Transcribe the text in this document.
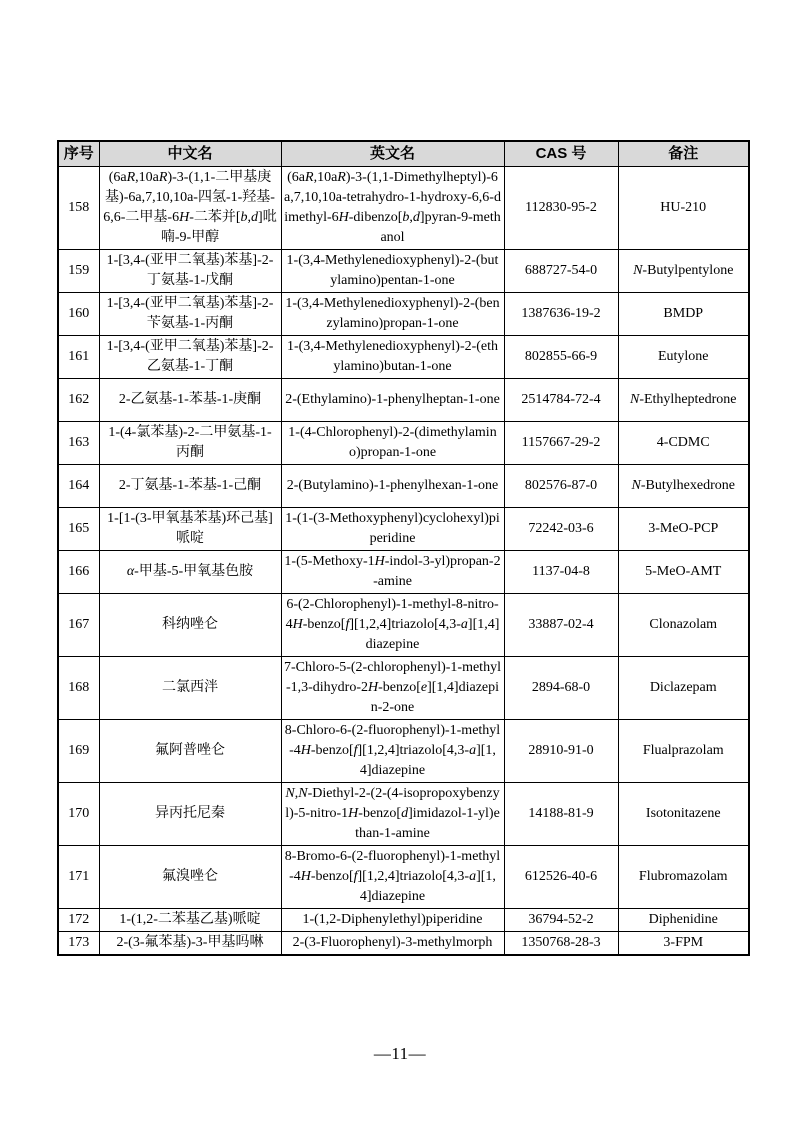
序号	中文名	英文名	CAS 号	备注
158	(6aR,10aR)-3-(1,1-二甲基庚基)-6a,7,10,10a-四氢-1-羟基-6,6-二甲基-6H-二苯并[b,d]吡喃-9-甲醇	(6aR,10aR)-3-(1,1-Dimethylheptyl)-6a,7,10,10a-tetrahydro-1-hydroxy-6,6-dimethyl-6H-dibenzo[b,d]pyran-9-methanol	112830-95-2	HU-210
159	1-[3,4-(亚甲二氧基)苯基]-2-丁氨基-1-戊酮	1-(3,4-Methylenedioxyphenyl)-2-(butylamino)pentan-1-one	688727-54-0	N-Butylpentylone
160	1-[3,4-(亚甲二氧基)苯基]-2-苄氨基-1-丙酮	1-(3,4-Methylenedioxyphenyl)-2-(benzylamino)propan-1-one	1387636-19-2	BMDP
161	1-[3,4-(亚甲二氧基)苯基]-2-乙氨基-1-丁酮	1-(3,4-Methylenedioxyphenyl)-2-(ethylamino)butan-1-one	802855-66-9	Eutylone
162	2-乙氨基-1-苯基-1-庚酮	2-(Ethylamino)-1-phenylheptan-1-one	2514784-72-4	N-Ethylheptedrone
163	1-(4-氯苯基)-2-二甲氨基-1-丙酮	1-(4-Chlorophenyl)-2-(dimethylamino)propan-1-one	1157667-29-2	4-CDMC
164	2-丁氨基-1-苯基-1-己酮	2-(Butylamino)-1-phenylhexan-1-one	802576-87-0	N-Butylhexedrone
165	1-[1-(3-甲氧基苯基)环己基]哌啶	1-(1-(3-Methoxyphenyl)cyclohexyl)piperidine	72242-03-6	3-MeO-PCP
166	α-甲基-5-甲氧基色胺	1-(5-Methoxy-1H-indol-3-yl)propan-2-amine	1137-04-8	5-MeO-AMT
167	科纳唑仑	6-(2-Chlorophenyl)-1-methyl-8-nitro-4H-benzo[f][1,2,4]triazolo[4,3-a][1,4]diazepine	33887-02-4	Clonazolam
168	二氯西泮	7-Chloro-5-(2-chlorophenyl)-1-methyl-1,3-dihydro-2H-benzo[e][1,4]diazepin-2-one	2894-68-0	Diclazepam
169	氟阿普唑仑	8-Chloro-6-(2-fluorophenyl)-1-methyl-4H-benzo[f][1,2,4]triazolo[4,3-a][1,4]diazepine	28910-91-0	Flualprazolam
170	异丙托尼秦	N,N-Diethyl-2-(2-(4-isopropoxybenzyl)-5-nitro-1H-benzo[d]imidazol-1-yl)ethan-1-amine	14188-81-9	Isotonitazene
171	氟溴唑仑	8-Bromo-6-(2-fluorophenyl)-1-methyl-4H-benzo[f][1,2,4]triazolo[4,3-a][1,4]diazepine	612526-40-6	Flubromazolam
172	1-(1,2-二苯基乙基)哌啶	1-(1,2-Diphenylethyl)piperidine	36794-52-2	Diphenidine
173	2-(3-氟苯基)-3-甲基吗啉	2-(3-Fluorophenyl)-3-methylmorph	1350768-28-3	3-FPM
—11—
